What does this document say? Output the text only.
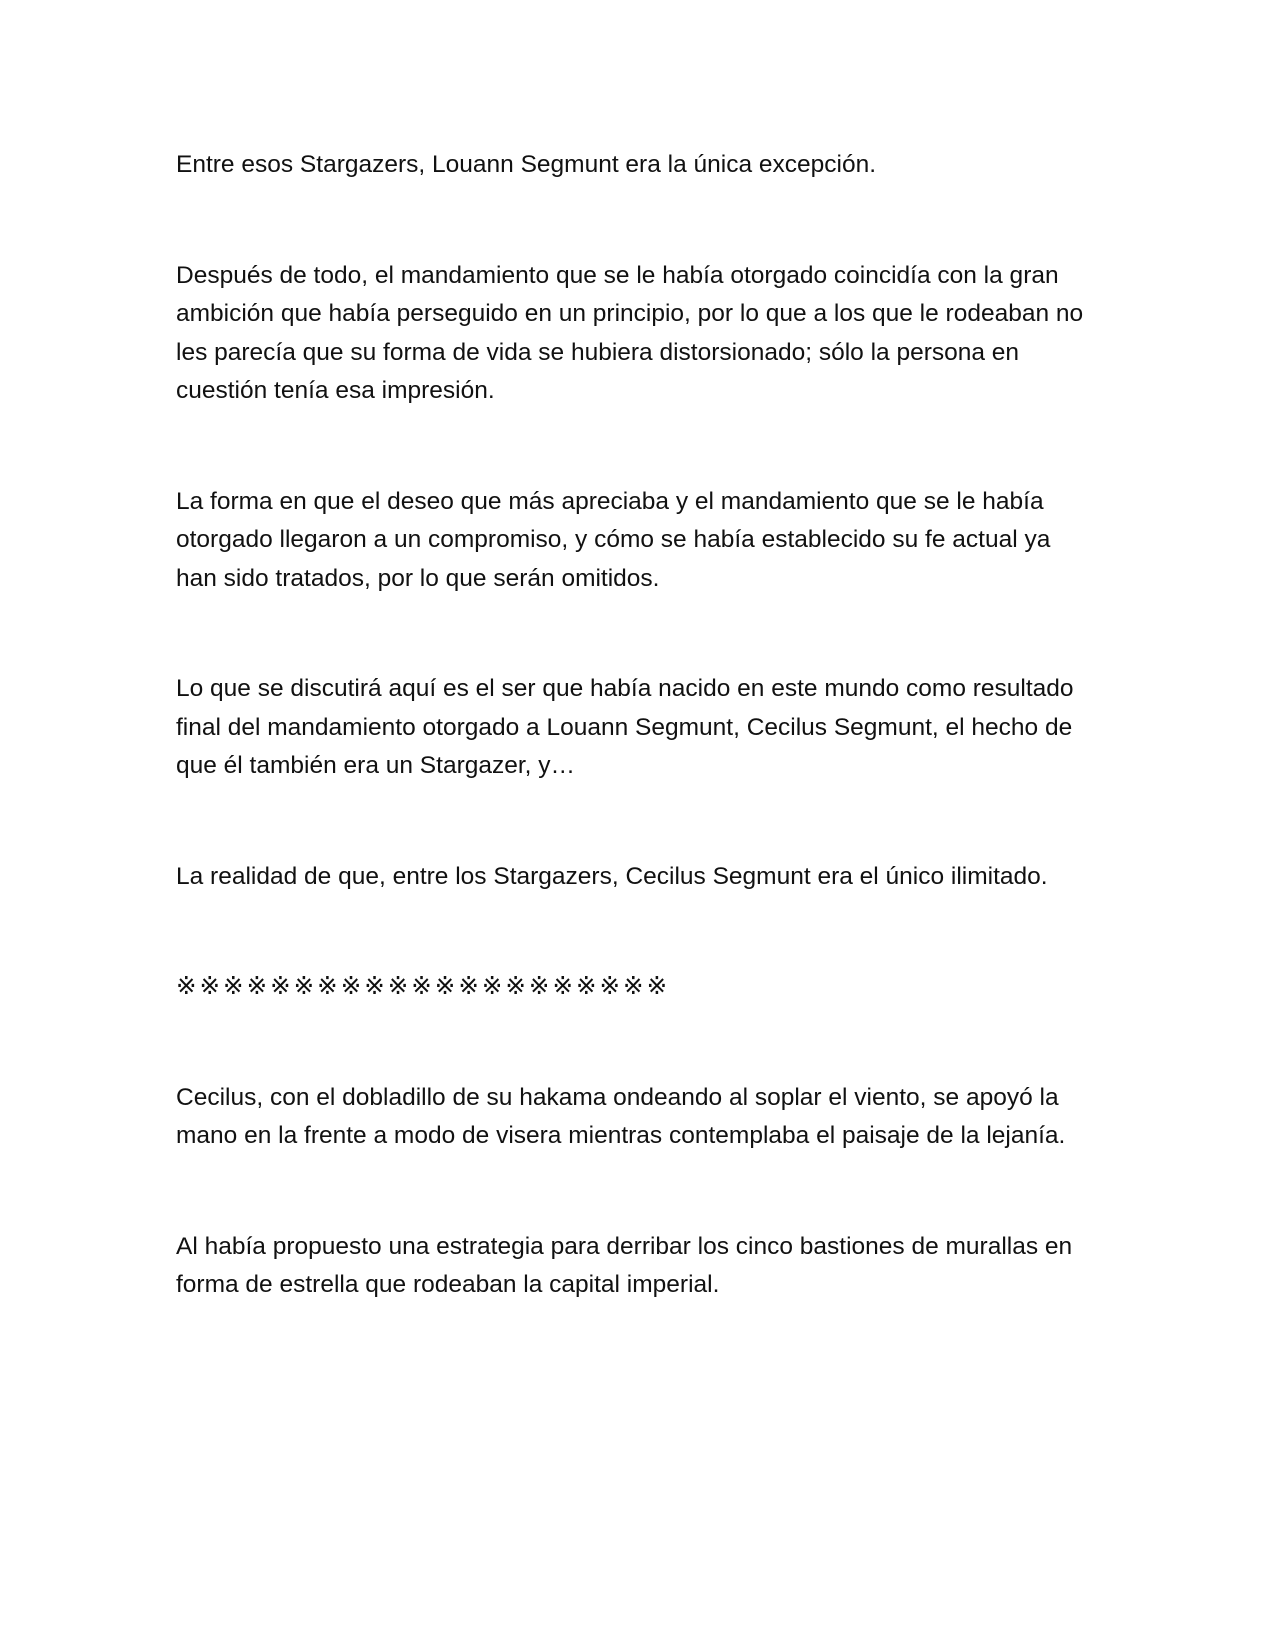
Entre esos Stargazers, Louann Segmunt era la única excepción.

Después de todo, el mandamiento que se le había otorgado coincidía con la gran ambición que había perseguido en un principio, por lo que a los que le rodeaban no les parecía que su forma de vida se hubiera distorsionado; sólo la persona en cuestión tenía esa impresión.

La forma en que el deseo que más apreciaba y el mandamiento que se le había otorgado llegaron a un compromiso, y cómo se había establecido su fe actual ya han sido tratados, por lo que serán omitidos.

Lo que se discutirá aquí es el ser que había nacido en este mundo como resultado final del mandamiento otorgado a Louann Segmunt, Cecilus Segmunt, el hecho de que él también era un Stargazer, y…

La realidad de que, entre los Stargazers, Cecilus Segmunt era el único ilimitado.

※※※※※※※※※※※※※※※※※※※※※

Cecilus, con el dobladillo de su hakama ondeando al soplar el viento, se apoyó la mano en la frente a modo de visera mientras contemplaba el paisaje de la lejanía.

Al había propuesto una estrategia para derribar los cinco bastiones de murallas en forma de estrella que rodeaban la capital imperial.
